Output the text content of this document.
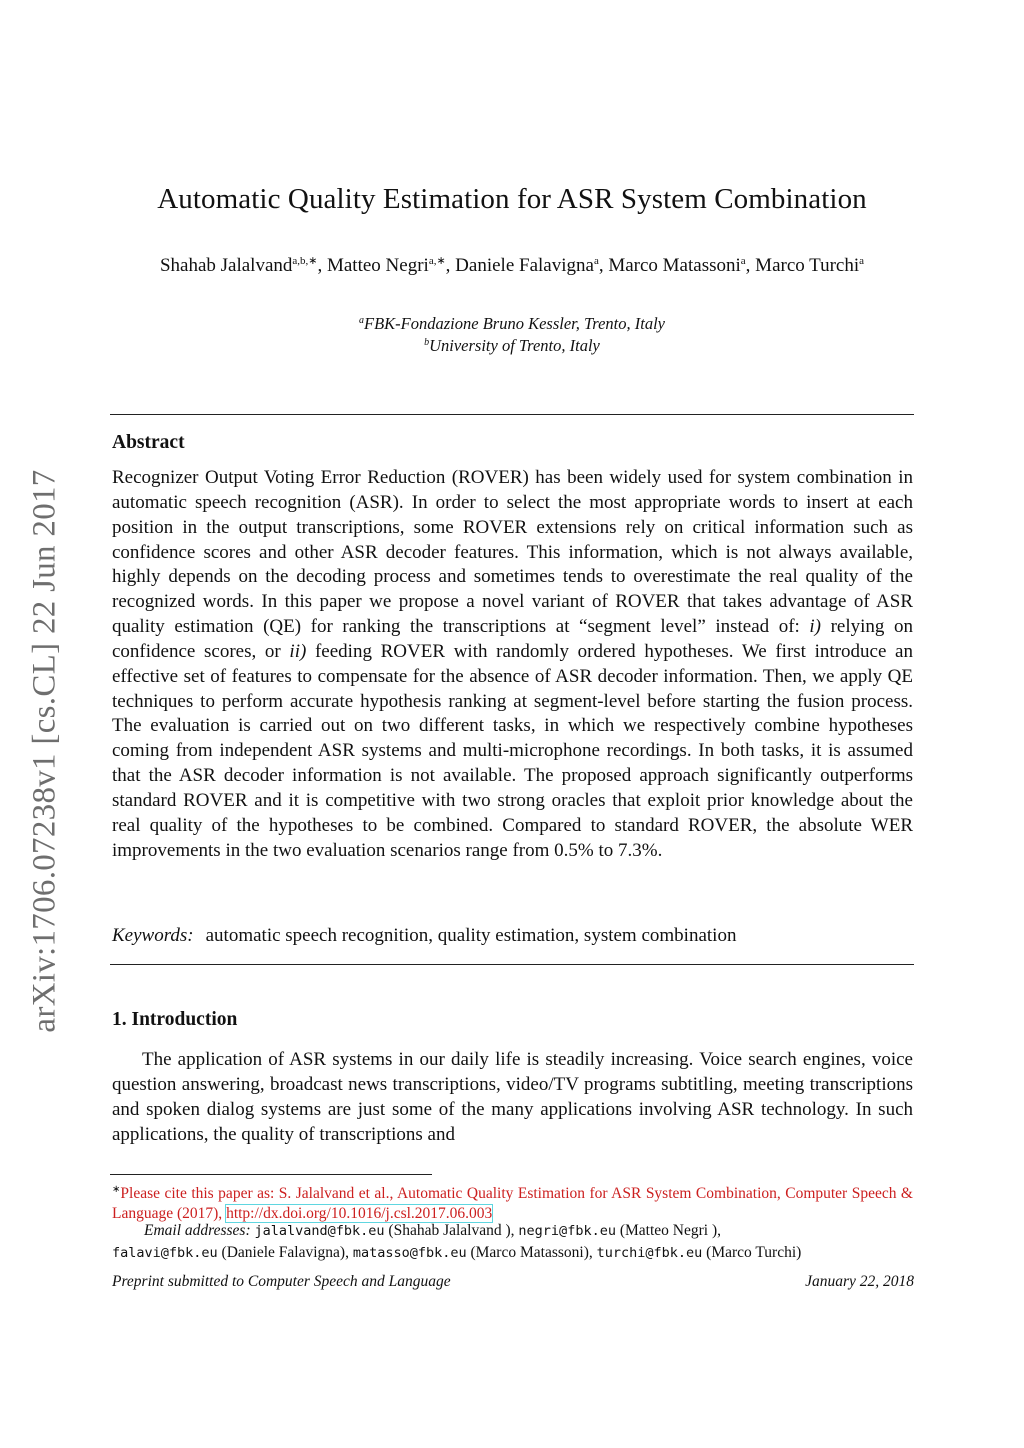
arXiv:1706.07238v1 [cs.CL] 22 Jun 2017
Automatic Quality Estimation for ASR System Combination
Shahab Jalalvand$^{a,b,∗}$, Matteo Negri$^{a,∗}$, Daniele Falavigna$^a$, Marco Matassoni$^a$, Marco Turchi$^a$
$^a$FBK-Fondazione Bruno Kessler, Trento, Italy
$^b$University of Trento, Italy
Abstract

Recognizer Output Voting Error Reduction (ROVER) has been widely used for system combination in automatic speech recognition (ASR). In order to select the most appropriate words to insert at each position in the output transcriptions, some ROVER extensions rely on critical information such as confidence scores and other ASR decoder features. This information, which is not always available, highly depends on the decoding process and sometimes tends to overestimate the real quality of the recognized words. In this paper we propose a novel variant of ROVER that takes advantage of ASR quality estimation (QE) for ranking the transcriptions at “segment level” instead of: i) relying on confidence scores, or ii) feeding ROVER with randomly ordered hypotheses. We first introduce an effective set of features to compensate for the absence of ASR decoder information. Then, we apply QE techniques to perform accurate hypothesis ranking at segment-level before starting the fusion process. The evaluation is carried out on two different tasks, in which we respectively combine hypotheses coming from independent ASR systems and multi-microphone recordings. In both tasks, it is assumed that the ASR decoder information is not available. The proposed approach significantly outperforms standard ROVER and it is competitive with two strong oracles that exploit prior knowledge about the real quality of the hypotheses to be combined. Compared to standard ROVER, the absolute WER improvements in the two evaluation scenarios range from 0.5% to 7.3%.

Keywords: automatic speech recognition, quality estimation, system combination
1. Introduction

The application of ASR systems in our daily life is steadily increasing. Voice search engines, voice question answering, broadcast news transcriptions, video/TV programs subtitling, meeting transcriptions and spoken dialog systems are just some of the many applications involving ASR technology. In such applications, the quality of transcriptions and

∗Please cite this paper as: S. Jalalvand et al., Automatic Quality Estimation for ASR System Combination, Computer Speech & Language (2017), http://dx.doi.org/10.1016/j.csl.2017.06.003

Email addresses: jalalvand@fbk.eu (Shahab Jalalvand ), negri@fbk.eu (Matteo Negri ),
falavi@fbk.eu (Daniele Falavigna), matasso@fbk.eu (Marco Matassoni), turchi@fbk.eu (Marco Turchi)

Preprint submitted to Computer Speech and Language	January 22, 2018
